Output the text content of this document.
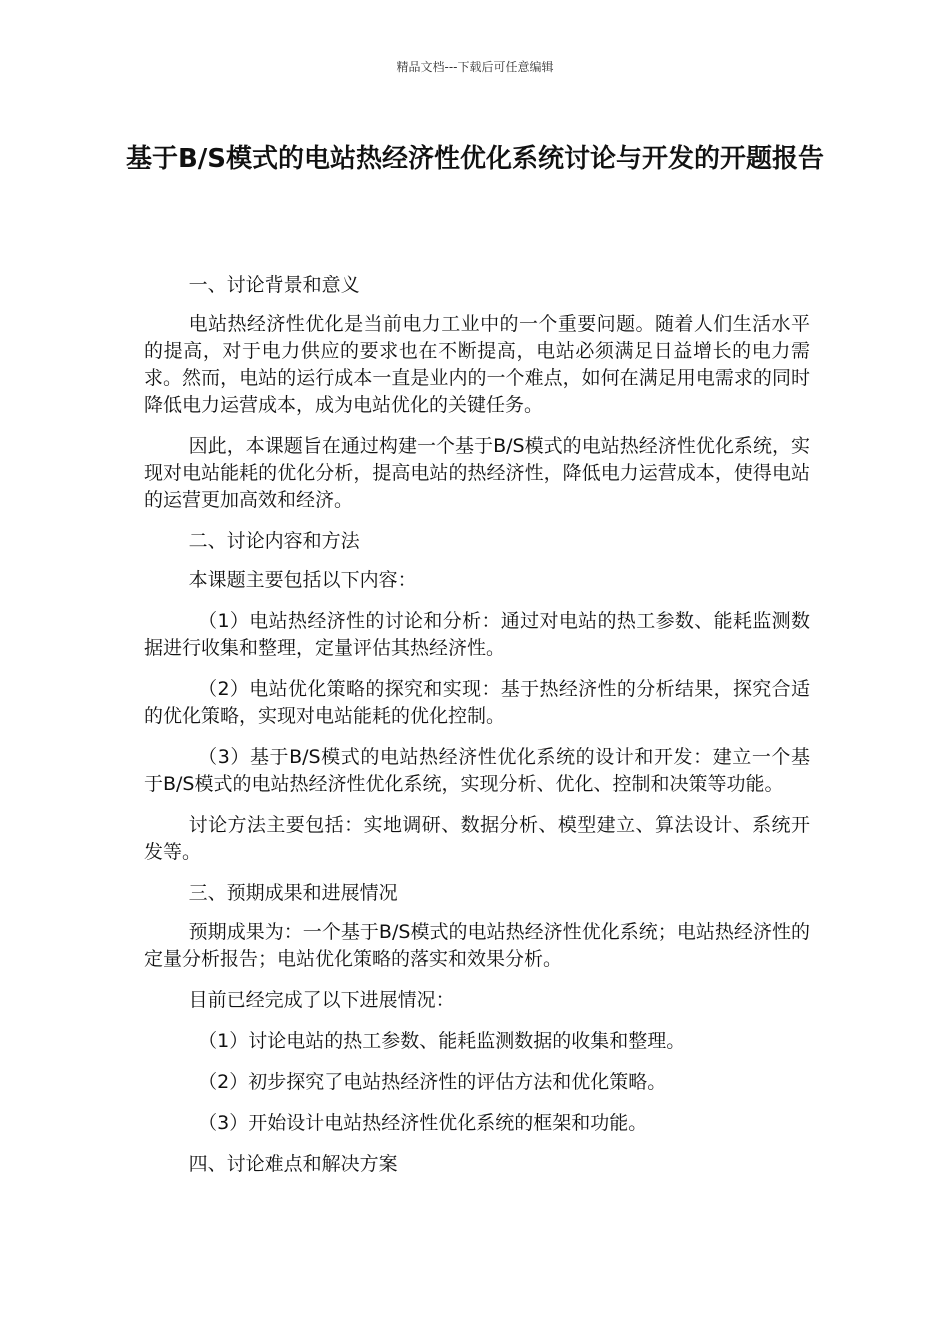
精品文档---下载后可任意编辑
基于B/S模式的电站热经济性优化系统讨论与开发的开题报告

一、讨论背景和意义

电站热经济性优化是当前电力工业中的一个重要问题。随着人们生活水平的提高，对于电力供应的要求也在不断提高，电站必须满足日益增长的电力需求。然而，电站的运行成本一直是业内的一个难点，如何在满足用电需求的同时降低电力运营成本，成为电站优化的关键任务。

因此，本课题旨在通过构建一个基于B/S模式的电站热经济性优化系统，实现对电站能耗的优化分析，提高电站的热经济性，降低电力运营成本，使得电站的运营更加高效和经济。

二、讨论内容和方法

本课题主要包括以下内容：

（1）电站热经济性的讨论和分析：通过对电站的热工参数、能耗监测数据进行收集和整理，定量评估其热经济性。

（2）电站优化策略的探究和实现：基于热经济性的分析结果，探究合适的优化策略，实现对电站能耗的优化控制。

（3）基于B/S模式的电站热经济性优化系统的设计和开发：建立一个基于B/S模式的电站热经济性优化系统，实现分析、优化、控制和决策等功能。

讨论方法主要包括：实地调研、数据分析、模型建立、算法设计、系统开发等。

三、预期成果和进展情况

预期成果为：一个基于B/S模式的电站热经济性优化系统；电站热经济性的定量分析报告；电站优化策略的落实和效果分析。

目前已经完成了以下进展情况：

（1）讨论电站的热工参数、能耗监测数据的收集和整理。

（2）初步探究了电站热经济性的评估方法和优化策略。

（3）开始设计电站热经济性优化系统的框架和功能。

四、讨论难点和解决方案
